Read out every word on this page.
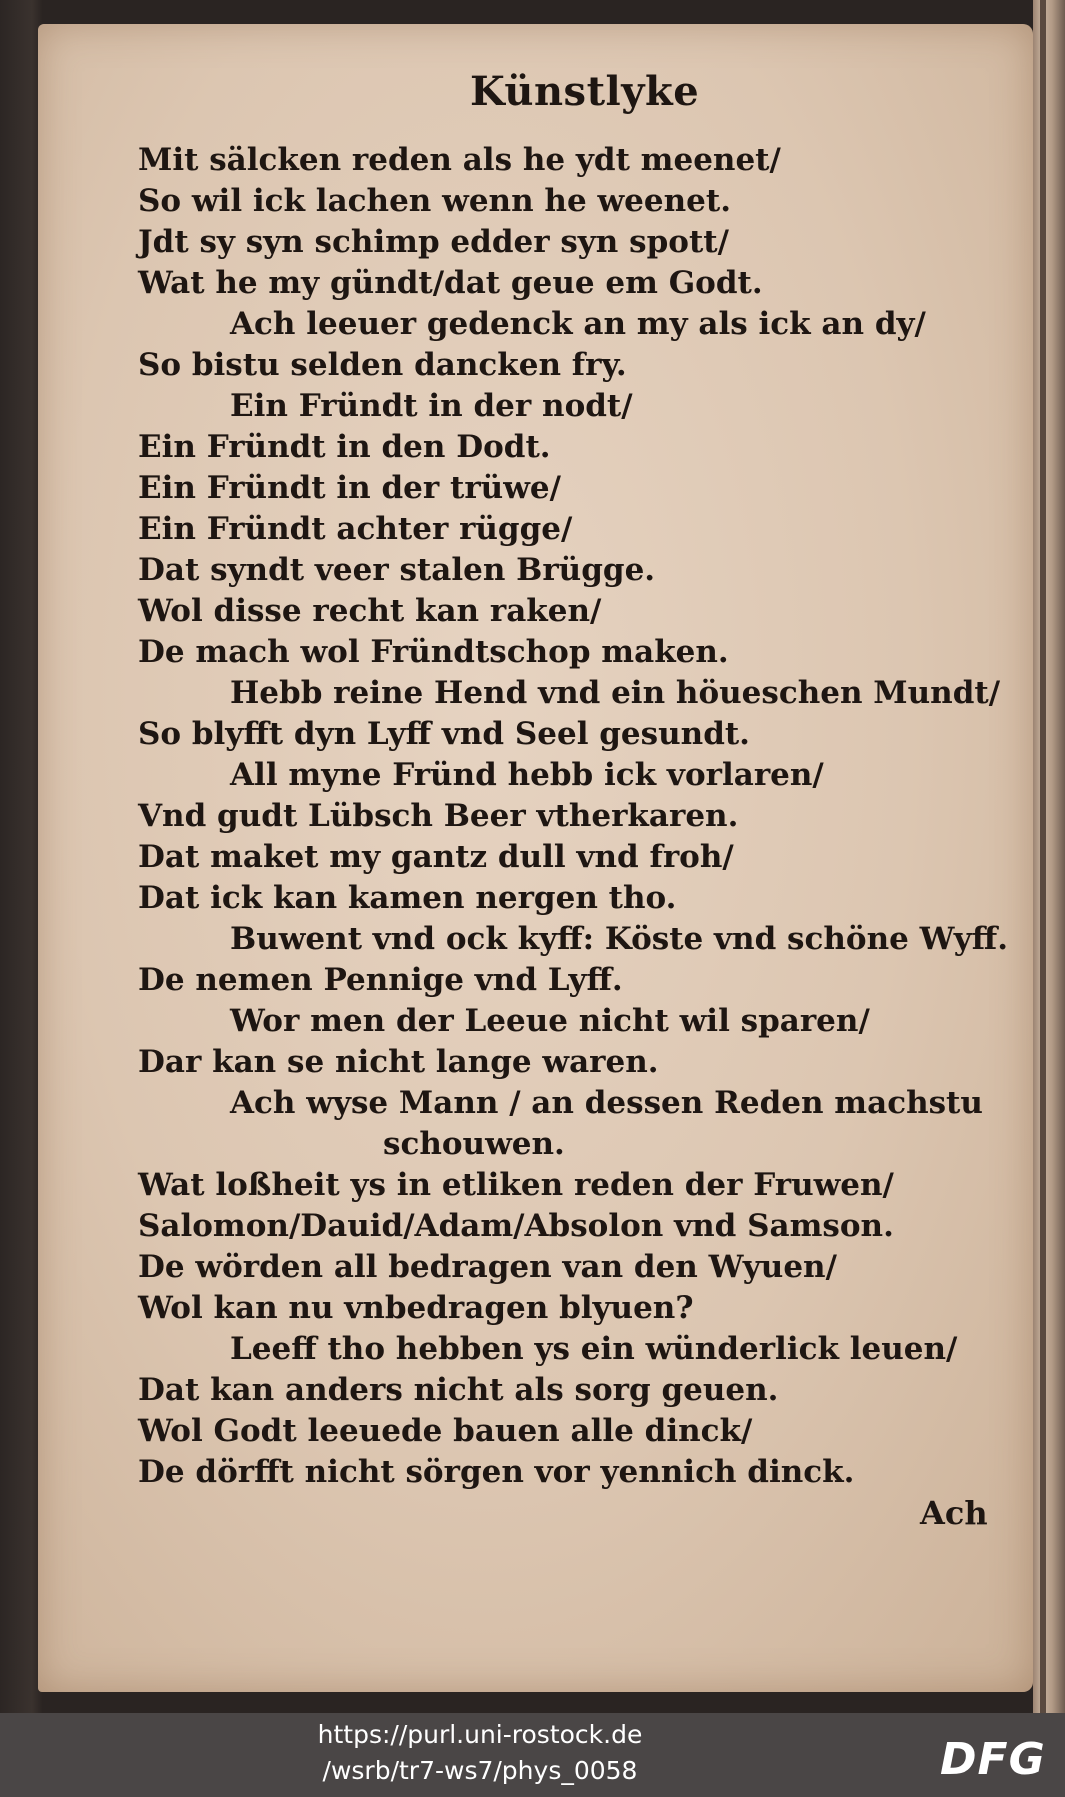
Künstlyke
Mit sälcken reden als he ydt meenet/
So wil ick lachen wenn he weenet.
Jdt sy syn schimp edder syn spott/
Wat he my gündt/dat geue em Godt.
Ach leeuer gedenck an my als ick an dy/
So bistu selden dancken fry.
Ein Fründt in der nodt/
Ein Fründt in den Dodt.
Ein Fründt in der trüwe/
Ein Fründt achter rügge/
Dat syndt veer stalen Brügge.
Wol disse recht kan raken/
De mach wol Fründtschop maken.
Hebb reine Hend vnd ein höueschen Mundt/
So blyfft dyn Lyff vnd Seel gesundt.
All myne Fründ hebb ick vorlaren/
Vnd gudt Lübsch Beer vtherkaren.
Dat maket my gantz dull vnd froh/
Dat ick kan kamen nergen tho.
Buwent vnd ock kyff: Köste vnd schöne Wyff.
De nemen Pennige vnd Lyff.
Wor men der Leeue nicht wil sparen/
Dar kan se nicht lange waren.
Ach wyse Mann / an dessen Reden machstu
schouwen.
Wat loßheit ys in etliken reden der Fruwen/
Salomon/Dauid/Adam/Absolon vnd Samson.
De wörden all bedragen van den Wyuen/
Wol kan nu vnbedragen blyuen?
Leeff tho hebben ys ein wünderlick leuen/
Dat kan anders nicht als sorg geuen.
Wol Godt leeuede bauen alle dinck/
De dörfft nicht sörgen vor yennich dinck.
Ach
https://purl.uni-rostock.de
/wsrb/tr7-ws7/phys_0058	DFG
